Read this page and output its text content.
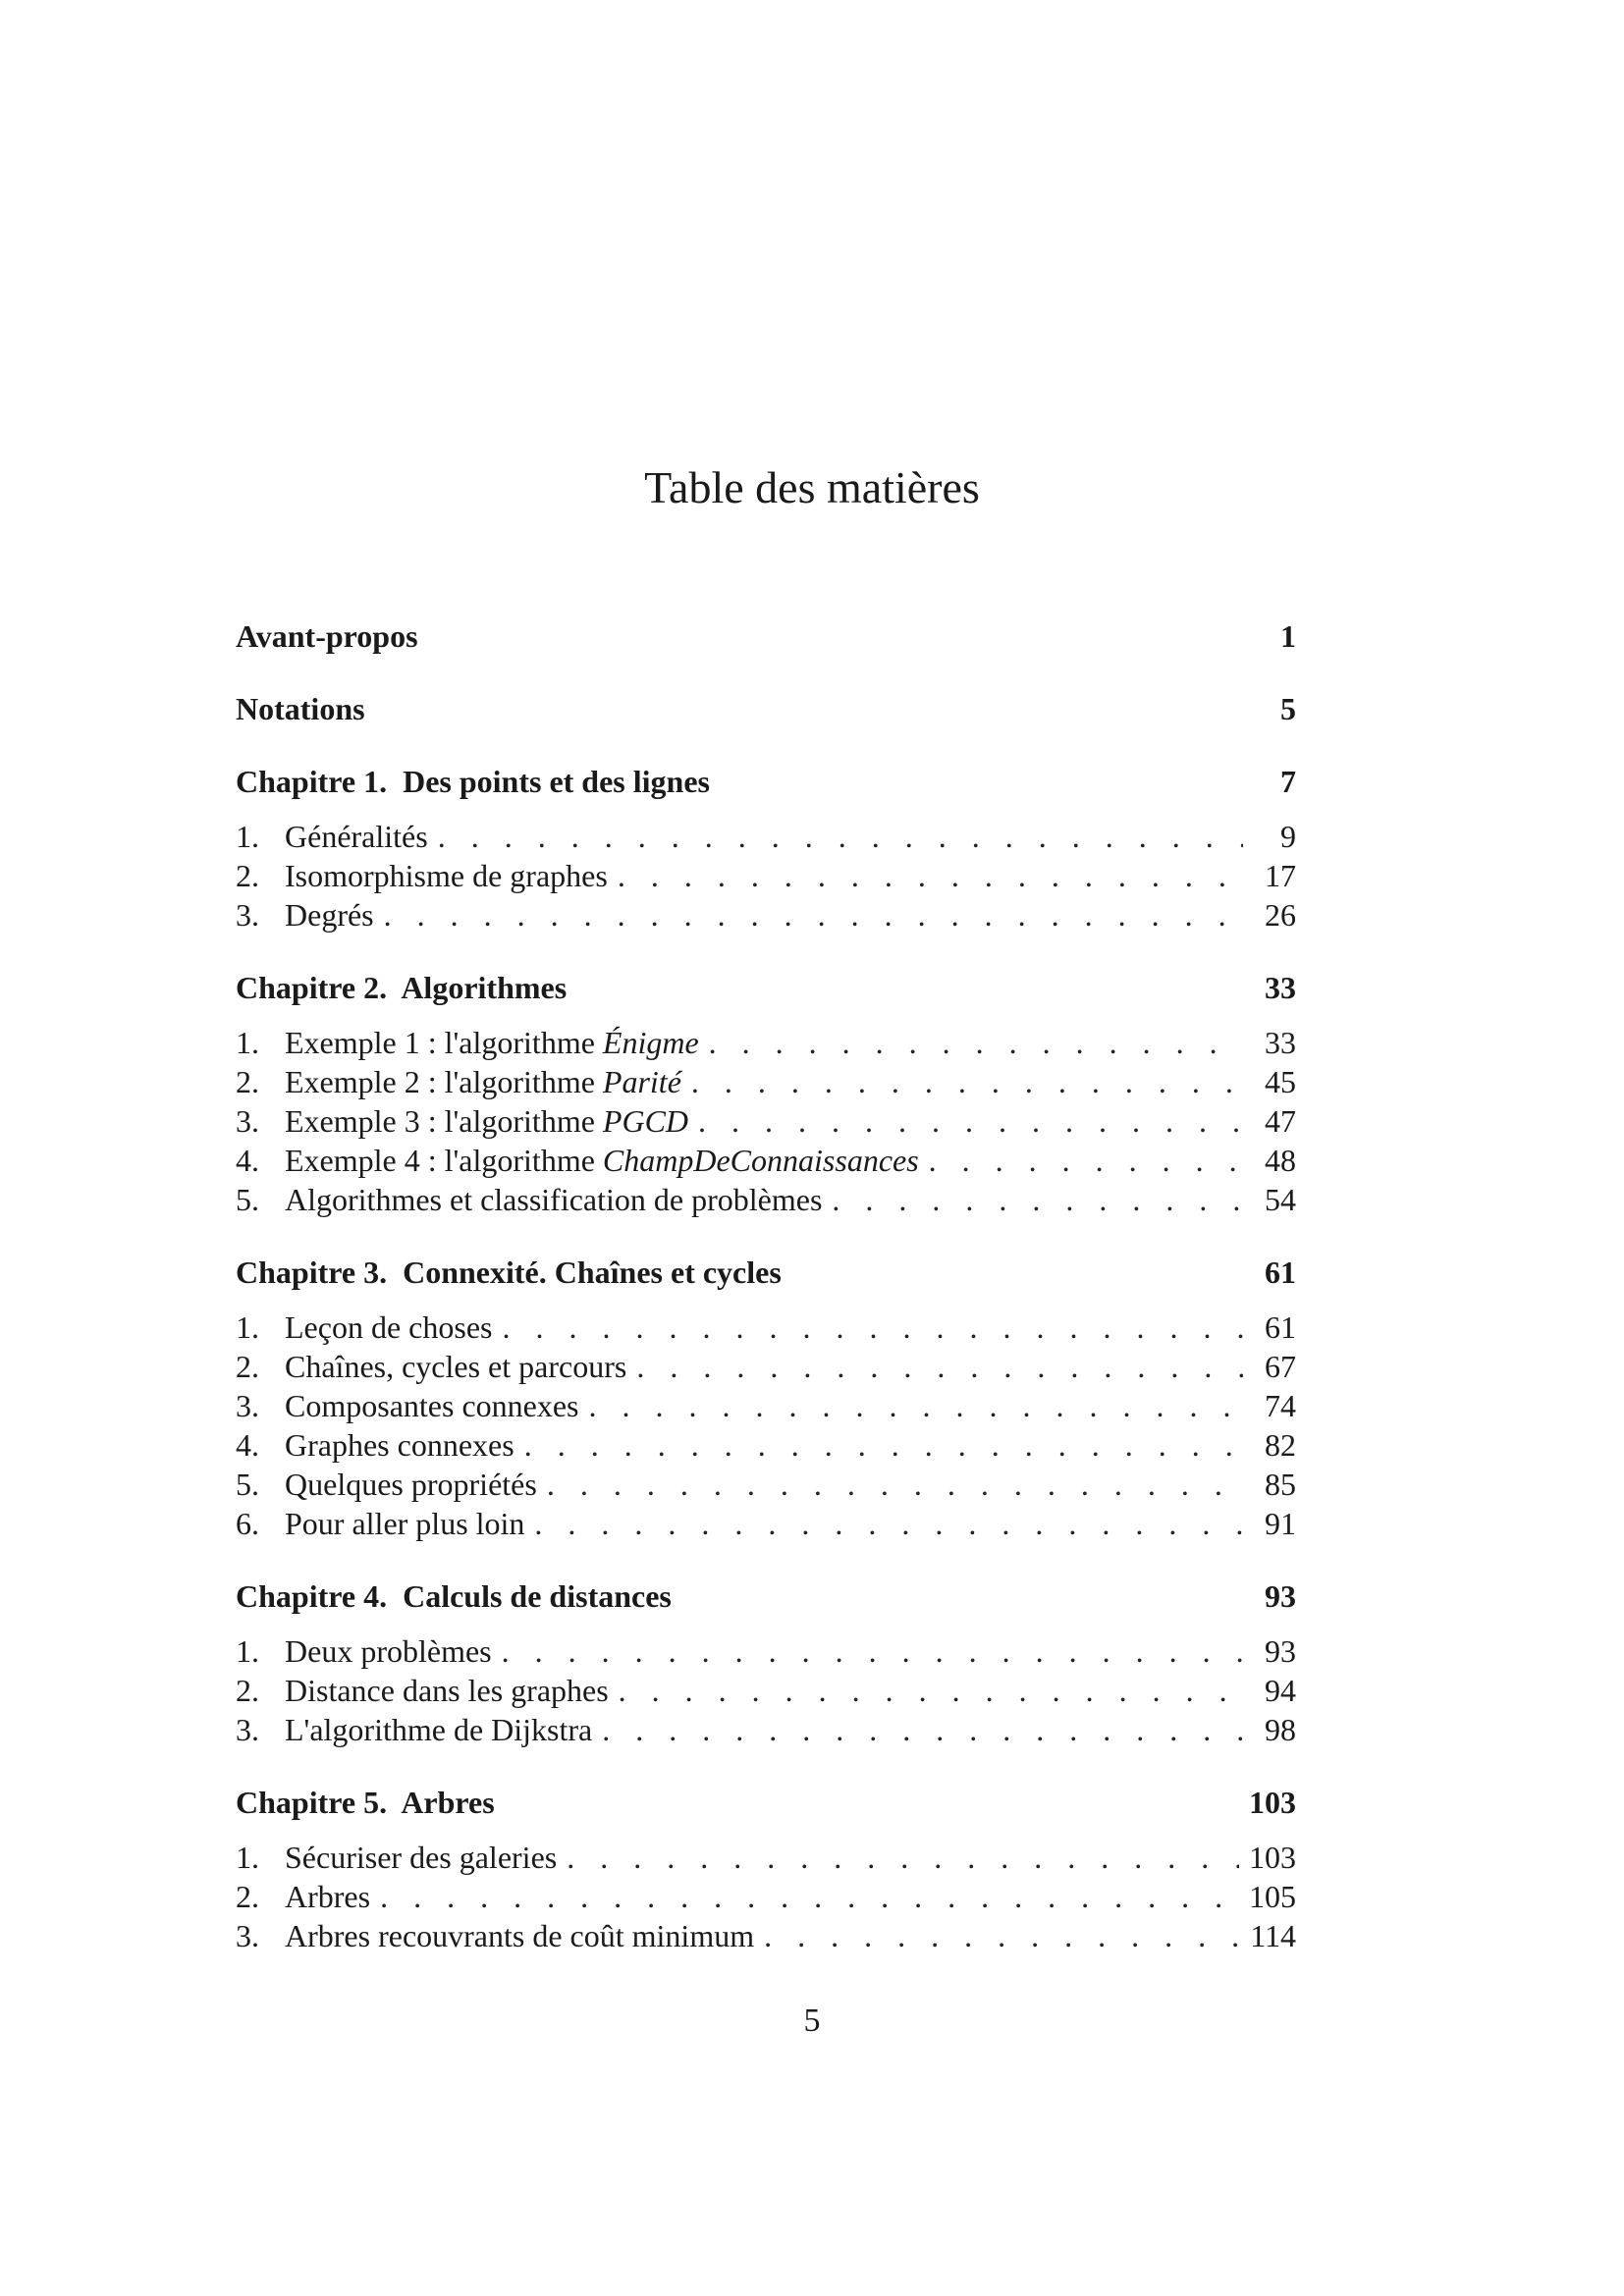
Table des matières
Avant-propos	1
Notations	5
Chapitre 1.  Des points et des lignes	7
1. Généralités . . .	9
2. Isomorphisme de graphes . . .	17
3. Degrés . . .	26
Chapitre 2.  Algorithmes	33
1. Exemple 1 : l'algorithme Énigme . . .	33
2. Exemple 2 : l'algorithme Parité . . .	45
3. Exemple 3 : l'algorithme PGCD . . .	47
4. Exemple 4 : l'algorithme ChampDeConnaissances . . .	48
5. Algorithmes et classification de problèmes . . .	54
Chapitre 3.  Connexité. Chaînes et cycles	61
1. Leçon de choses . . .	61
2. Chaînes, cycles et parcours . . .	67
3. Composantes connexes . . .	74
4. Graphes connexes . . .	82
5. Quelques propriétés . . .	85
6. Pour aller plus loin . . .	91
Chapitre 4.  Calculs de distances	93
1. Deux problèmes . . .	93
2. Distance dans les graphes . . .	94
3. L'algorithme de Dijkstra . . .	98
Chapitre 5.  Arbres	103
1. Sécuriser des galeries . . .	103
2. Arbres . . .	105
3. Arbres recouvrants de coût minimum . . .	114
5
